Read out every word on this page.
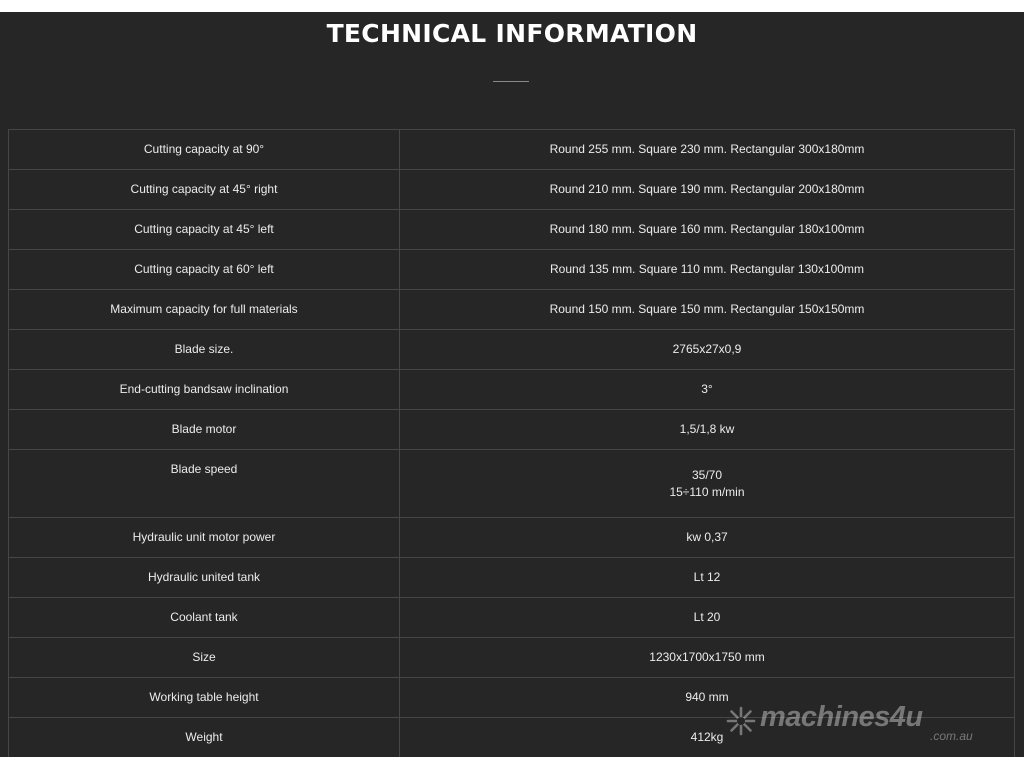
TECHNICAL INFORMATION
Cutting capacity at 90°	Round 255 mm. Square 230 mm. Rectangular 300x180mm
Cutting capacity at 45° right	Round 210 mm. Square 190 mm. Rectangular 200x180mm
Cutting capacity at 45° left	Round 180 mm. Square 160 mm. Rectangular 180x100mm
Cutting capacity at 60° left	Round 135 mm. Square 110 mm. Rectangular 130x100mm
Maximum capacity for full materials	Round 150 mm. Square 150 mm. Rectangular 150x150mm
Blade size.	2765x27x0,9
End-cutting bandsaw inclination	3°
Blade motor	1,5/1,8 kw
Blade speed	35/70
15÷110 m/min

Hydraulic unit motor power	kw 0,37
Hydraulic united tank	Lt 12
Coolant tank	Lt 20
Size	1230x1700x1750 mm
Working table height	940 mm
Weight	412kg
machines4u
.com.au
